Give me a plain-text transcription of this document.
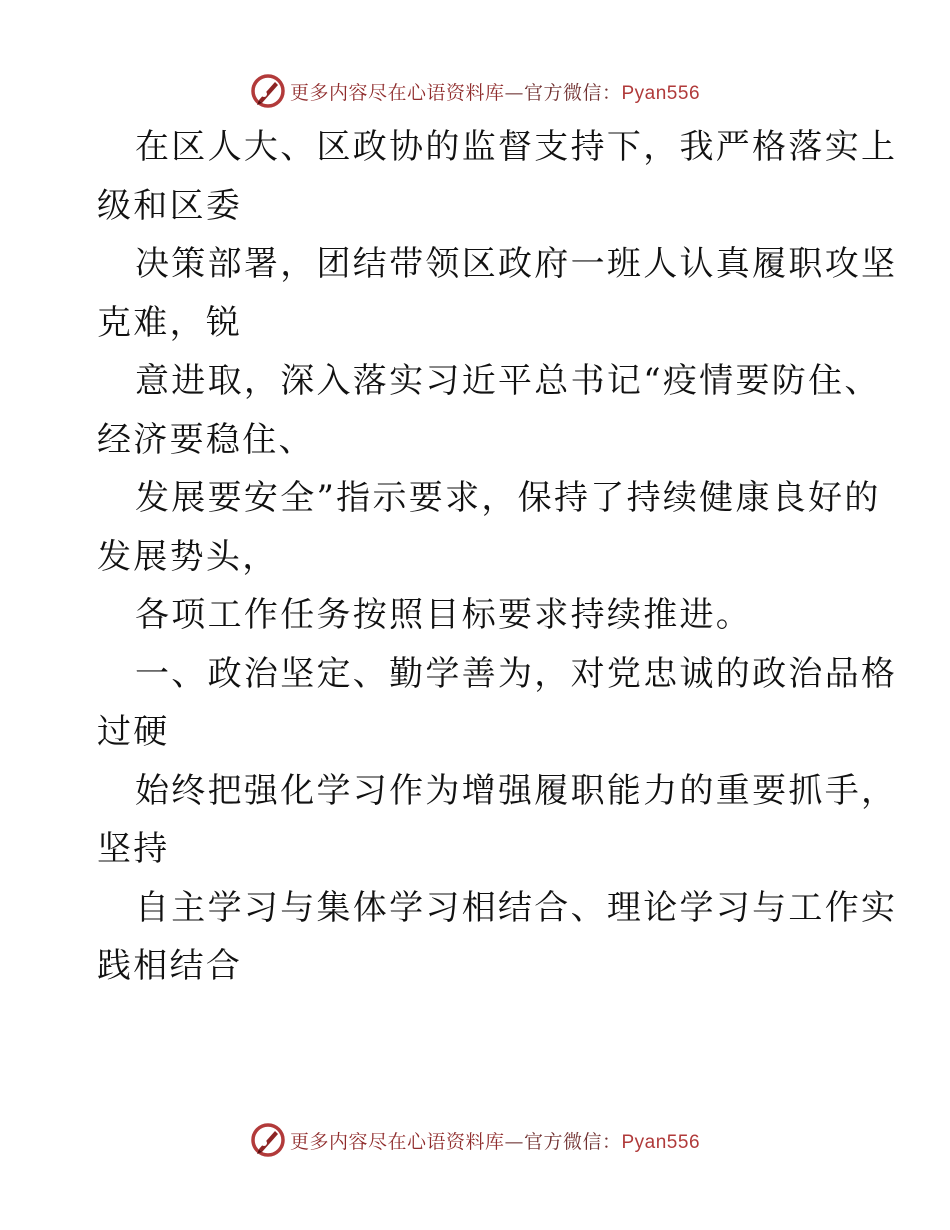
更多内容尽在心语资料库—官方微信：Pyan556
在区人大、区政协的监督支持下，我严格落实上
级和区委
决策部署，团结带领区政府一班人认真履职攻坚
克难，锐
意进取，深入落实习近平总书记“疫情要防住、
经济要稳住、
发展要安全”指示要求，保持了持续健康良好的
发展势头，
各项工作任务按照目标要求持续推进。
一、政治坚定、勤学善为，对党忠诚的政治品格
过硬
始终把强化学习作为增强履职能力的重要抓手，
坚持
自主学习与集体学习相结合、理论学习与工作实
践相结合
更多内容尽在心语资料库—官方微信：Pyan556
